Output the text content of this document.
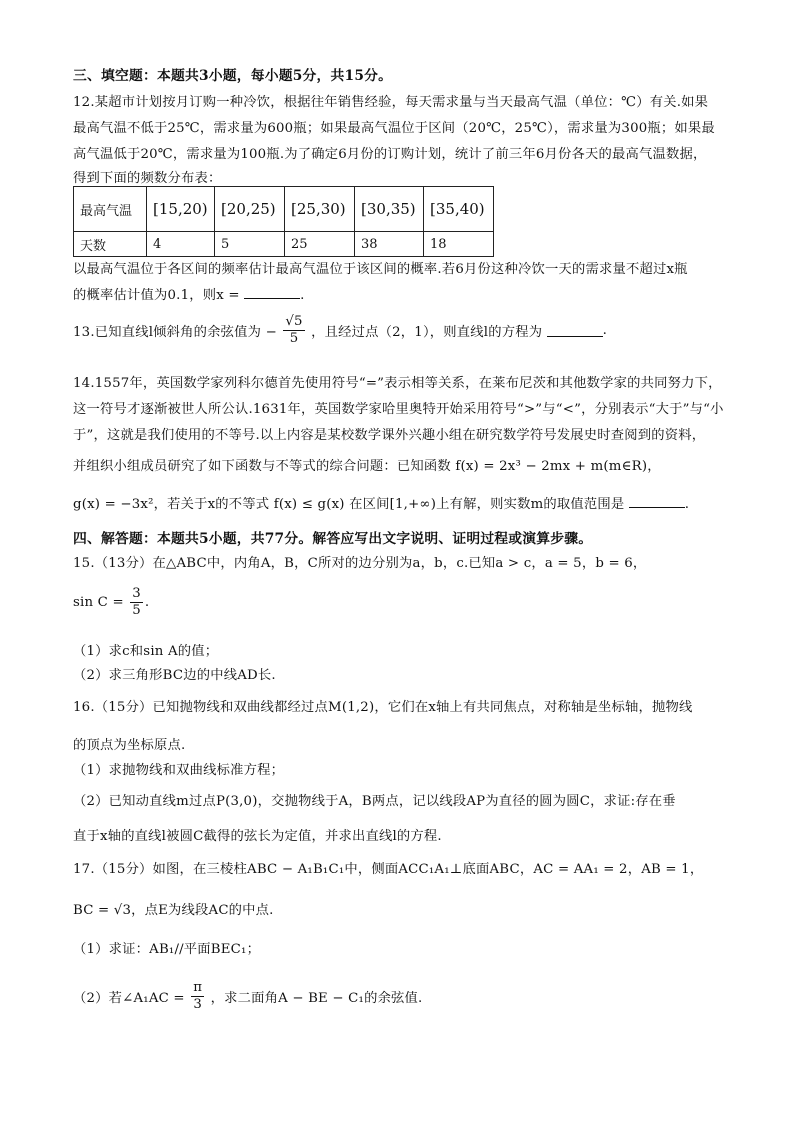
三、填空题：本题共3小题，每小题5分，共15分。
12.某超市计划按月订购一种冷饮，根据往年销售经验，每天需求量与当天最高气温（单位：℃）有关.如果
最高气温不低于25℃，需求量为600瓶；如果最高气温位于区间（20℃，25℃），需求量为300瓶；如果最
高气温低于20℃，需求量为100瓶.为了确定6月份的订购计划，统计了前三年6月份各天的最高气温数据，
得到下面的频数分布表：
最高气温	[15,20)	[20,25)	[25,30)	[30,35)	[35,40)
天数	4	5	25	38	18
以最高气温位于各区间的频率估计最高气温位于该区间的概率.若6月份这种冷饮一天的需求量不超过x瓶
的概率估计值为0.1，则x =	.
13.已知直线l倾斜角的余弦值为 − $\frac{√5}{5}$ ，且经过点（2，1），则直线l的方程为	.
14.1557年，英国数学家列科尔德首先使用符号“=”表示相等关系，在莱布尼茨和其他数学家的共同努力下，
这一符号才逐渐被世人所公认.1631年，英国数学家哈里奥特开始采用符号“>”与“<”，分别表示“大于”与“小
于”，这就是我们使用的不等号.以上内容是某校数学课外兴趣小组在研究数学符号发展史时查阅到的资料，
并组织小组成员研究了如下函数与不等式的综合问题：已知函数 f(x) = 2x³ − 2mx + m(m∈R)，
g(x) = −3x²，若关于x的不等式 f(x) ≤ g(x) 在区间[1,+∞)上有解，则实数m的取值范围是	.
四、解答题：本题共5小题，共77分。解答应写出文字说明、证明过程或演算步骤。
15.（13分）在△ABC中，内角A，B，C所对的边分别为a，b，c.已知a > c，a = 5，b = 6，
$\sin C = \frac{3}{5}$ .
（1）求c和sin A的值；
（2）求三角形BC边的中线AD长.
16.（15分）已知抛物线和双曲线都经过点M(1,2)，它们在x轴上有共同焦点，对称轴是坐标轴，抛物线
的顶点为坐标原点.
（1）求抛物线和双曲线标准方程；
（2）已知动直线m过点P(3,0)，交抛物线于A，B两点，记以线段AP为直径的圆为圆C，求证:存在垂
直于x轴的直线l被圆C截得的弦长为定值，并求出直线l的方程.
17.（15分）如图，在三棱柱ABC − A₁B₁C₁中，侧面ACC₁A₁⊥底面ABC，AC = AA₁ = 2，AB = 1，
BC = √3，点E为线段AC的中点.
（1）求证：AB₁//平面BEC₁；
（2）若∠A₁AC = $\frac{\pi}{3}$ ，求二面角A − BE − C₁的余弦值.
